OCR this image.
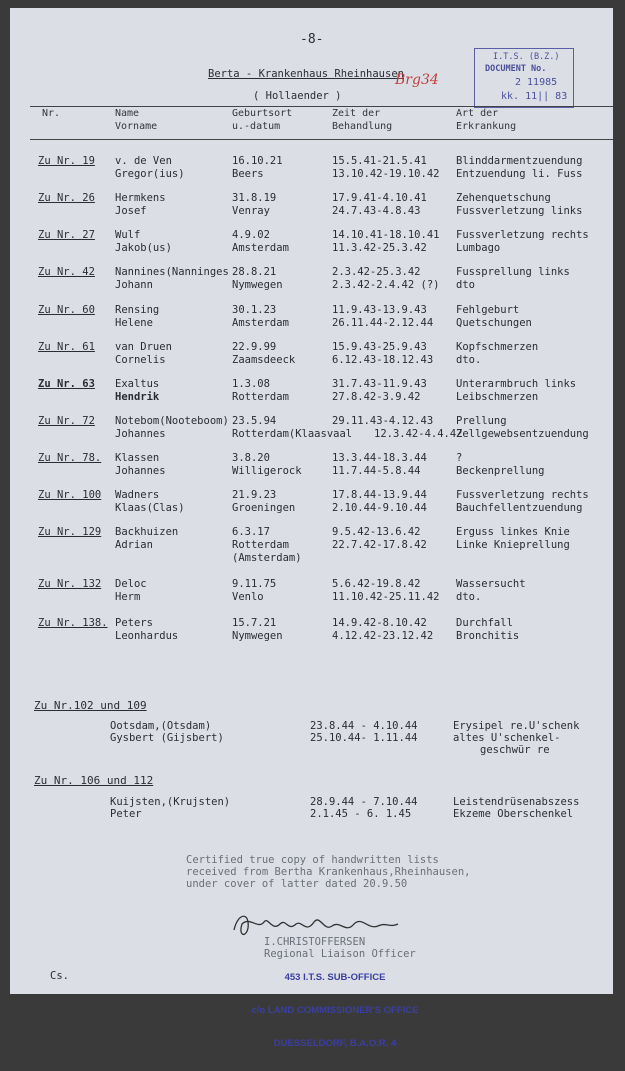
-8-
Berta - Krankenhaus Rheinhausen
Brg34
( Hollaender )
I.T.S. (B.Z.)
DOCUMENT No.
2 11985
kk. 11|| 83
Nr.	Name
Vorname
Geburtsort
u.-datum
Zeit der
Behandlung
Art der
Erkrankung
Zu Nr. 19 v. de Ven
Gregor(ius)
16.10.21
Beers
15.5.41-21.5.41
13.10.42-19.10.42
Blinddarmentzuendung
Entzuendung li. Fuss
Zu Nr. 26 Hermkens
Josef
31.8.19
Venray
17.9.41-4.10.41
24.7.43-4.8.43
Zehenquetschung
Fussverletzung links
Zu Nr. 27 Wulf
Jakob(us)
4.9.02
Amsterdam
14.10.41-18.10.41
11.3.42-25.3.42
Fussverletzung rechts
Lumbago
Zu Nr. 42 Nannines(Nanninges
Johann
28.8.21
Nymwegen
2.3.42-25.3.42
2.3.42-2.4.42 (?)
Fussprellung links
dto
Zu Nr. 60 Rensing
Helene
30.1.23
Amsterdam
11.9.43-13.9.43
26.11.44-2.12.44
Fehlgeburt
Quetschungen
Zu Nr. 61 van Druen
Cornelis
22.9.99
Zaamsdeeck
15.9.43-25.9.43
6.12.43-18.12.43
Kopfschmerzen
dto.
Zu Nr. 63 Exaltus
Hendrik
1.3.08
Rotterdam
31.7.43-11.9.43
27.8.42-3.9.42
Unterarmbruch links
Leibschmerzen
Zu Nr. 72 Notebom(Nooteboom)
Johannes
23.5.94
Rotterdam(Klaasvaal
29.11.43-4.12.43
12.3.42-4.4.42
Prellung
Zellgewebsentzuendung
Zu Nr. 78. Klassen
Johannes
3.8.20
Willigerock
13.3.44-18.3.44
11.7.44-5.8.44
?
Beckenprellung
Zu Nr. 100 Wadners
Klaas(Clas)
21.9.23
Groeningen
17.8.44-13.9.44
2.10.44-9.10.44
Fussverletzung rechts
Bauchfellentzuendung
Zu Nr. 129 Backhuizen
Adrian
6.3.17
Rotterdam
(Amsterdam)
9.5.42-13.6.42
22.7.42-17.8.42
Erguss linkes Knie
Linke Knieprellung
Zu Nr. 132 Deloc
Herm
9.11.75
Venlo
5.6.42-19.8.42
11.10.42-25.11.42
Wassersucht
dto.
Zu Nr. 138. Peters
Leonhardus
15.7.21
Nymwegen
14.9.42-8.10.42
4.12.42-23.12.42
Durchfall
Bronchitis
Zu Nr.102 und 109
Ootsdam,(Otsdam)
Gysbert (Gijsbert)
23.8.44 - 4.10.44
25.10.44- 1.11.44
Erysipel re.U'schenk
altes U'schenkel-
geschwür re
Zu Nr. 106 und 112
Kuijsten,(Krujsten)
Peter
28.9.44 - 7.10.44
2.1.45 - 6. 1.45
Leistendrüsenabszess
Ekzeme Oberschenkel
Certified true copy of handwritten lists
received from Bertha Krankenhaus,Rheinhausen,
under cover of latter dated 20.9.50
I.CHRISTOFFERSEN
Regional Liaison Officer

453 I.T.S. SUB-OFFICE

c/o LAND COMMISSIONER'S OFFICE

DUESSELDORF, B.A.O.R. 4

Cs.
